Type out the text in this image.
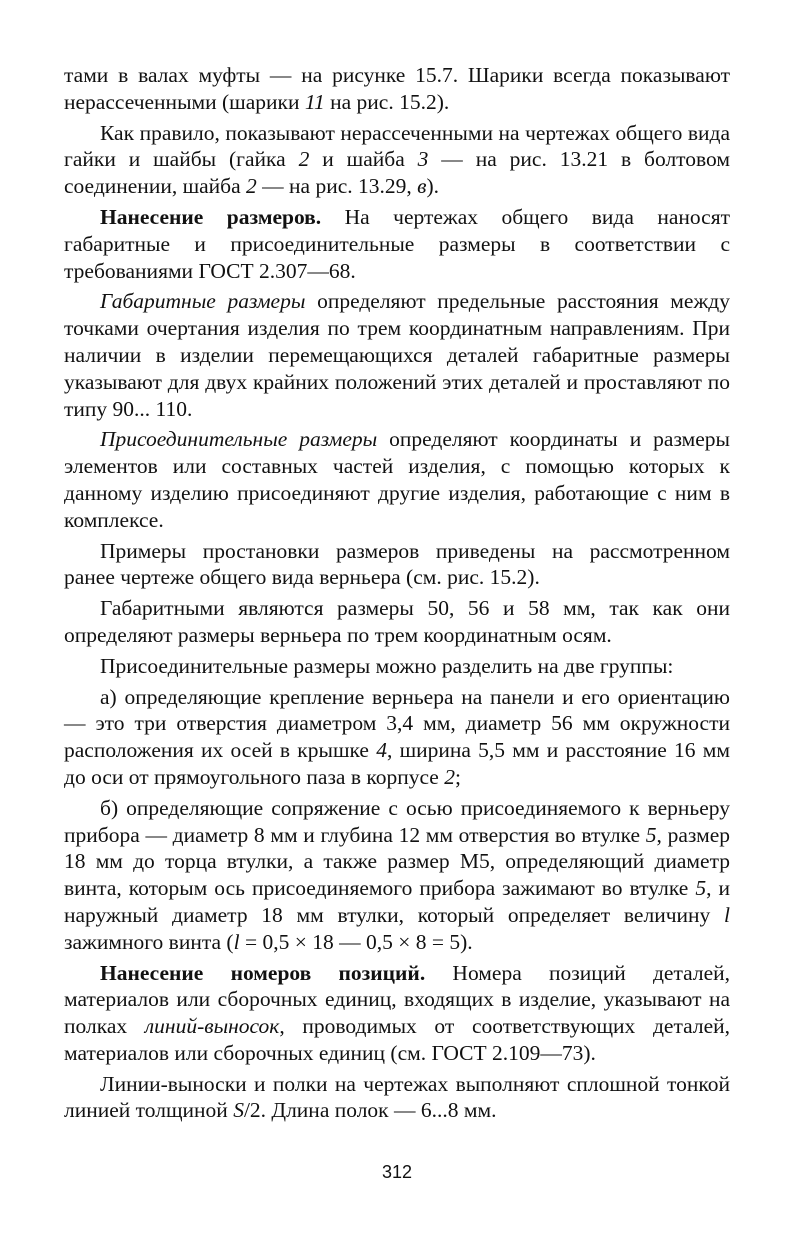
тами в валах муфты — на рисунке 15.7. Шарики всегда показывают нерассеченными (шарики 11 на рис. 15.2).

Как правило, показывают нерассеченными на чертежах общего вида гайки и шайбы (гайка 2 и шайба 3 — на рис. 13.21 в болтовом соединении, шайба 2 — на рис. 13.29, в).

Нанесение размеров. На чертежах общего вида наносят габаритные и присоединительные размеры в соответствии с требованиями ГОСТ 2.307—68.

Габаритные размеры определяют предельные расстояния между точками очертания изделия по трем координатным направлениям. При наличии в изделии перемещающихся деталей габаритные размеры указывают для двух крайних положений этих деталей и проставляют по типу 90... 110.

Присоединительные размеры определяют координаты и размеры элементов или составных частей изделия, с помощью которых к данному изделию присоединяют другие изделия, работающие с ним в комплексе.

Примеры простановки размеров приведены на рассмотренном ранее чертеже общего вида верньера (см. рис. 15.2).

Габаритными являются размеры 50, 56 и 58 мм, так как они определяют размеры верньера по трем координатным осям.

Присоединительные размеры можно разделить на две группы:

а) определяющие крепление верньера на панели и его ориентацию — это три отверстия диаметром 3,4 мм, диаметр 56 мм окружности расположения их осей в крышке 4, ширина 5,5 мм и расстояние 16 мм до оси от прямоугольного паза в корпусе 2;

б) определяющие сопряжение с осью присоединяемого к верньеру прибора — диаметр 8 мм и глубина 12 мм отверстия во втулке 5, размер 18 мм до торца втулки, а также размер М5, определяющий диаметр винта, которым ось присоединяемого прибора зажимают во втулке 5, и наружный диаметр 18 мм втулки, который определяет величину l зажимного винта (l = 0,5 × 18 — 0,5 × 8 = 5).

Нанесение номеров позиций. Номера позиций деталей, материалов или сборочных единиц, входящих в изделие, указывают на полках линий-выносок, проводимых от соответствующих деталей, материалов или сборочных единиц (см. ГОСТ 2.109—73).

Линии-выноски и полки на чертежах выполняют сплошной тонкой линией толщиной S/2. Длина полок — 6...8 мм.

312
